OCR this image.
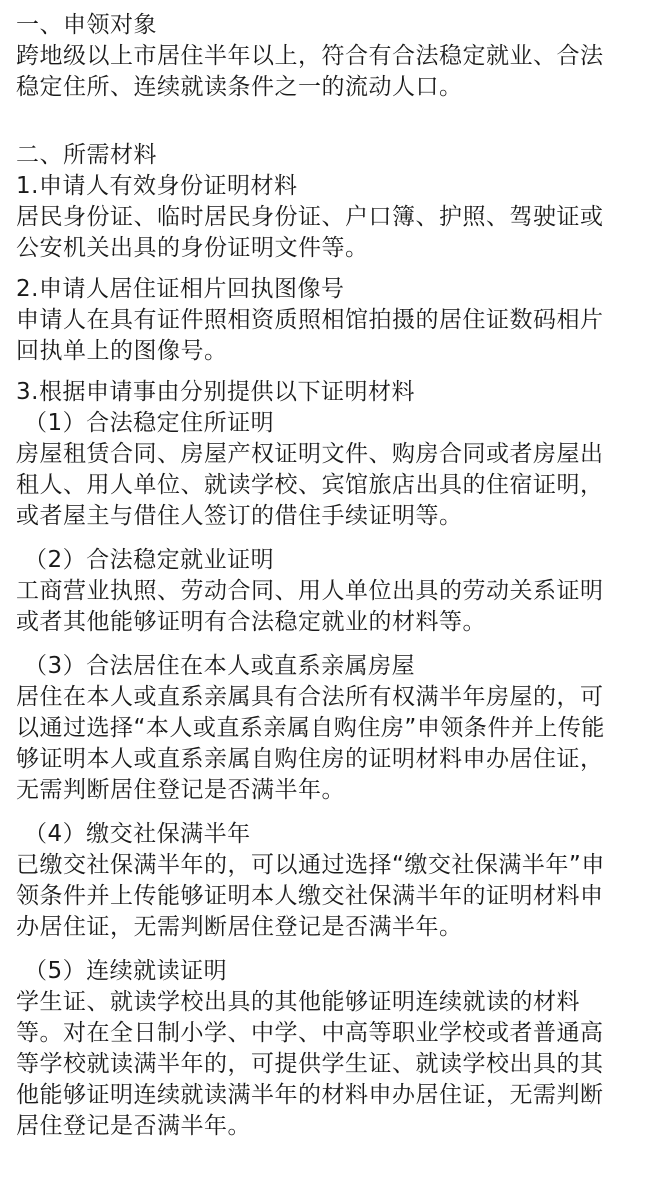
一、申领对象
跨地级以上市居住半年以上，符合有合法稳定就业、合法
稳定住所、连续就读条件之一的流动人口。
二、所需材料
1.申请人有效身份证明材料
居民身份证、临时居民身份证、户口簿、护照、驾驶证或
公安机关出具的身份证明文件等。
2.申请人居住证相片回执图像号
申请人在具有证件照相资质照相馆拍摄的居住证数码相片
回执单上的图像号。
3.根据申请事由分别提供以下证明材料
（1）合法稳定住所证明
房屋租赁合同、房屋产权证明文件、购房合同或者房屋出
租人、用人单位、就读学校、宾馆旅店出具的住宿证明，
或者屋主与借住人签订的借住手续证明等。
（2）合法稳定就业证明
工商营业执照、劳动合同、用人单位出具的劳动关系证明
或者其他能够证明有合法稳定就业的材料等。
（3）合法居住在本人或直系亲属房屋
居住在本人或直系亲属具有合法所有权满半年房屋的，可
以通过选择“本人或直系亲属自购住房”申领条件并上传能
够证明本人或直系亲属自购住房的证明材料申办居住证，
无需判断居住登记是否满半年。
（4）缴交社保满半年
已缴交社保满半年的，可以通过选择“缴交社保满半年”申
领条件并上传能够证明本人缴交社保满半年的证明材料申
办居住证，无需判断居住登记是否满半年。
（5）连续就读证明
学生证、就读学校出具的其他能够证明连续就读的材料
等。对在全日制小学、中学、中高等职业学校或者普通高
等学校就读满半年的，可提供学生证、就读学校出具的其
他能够证明连续就读满半年的材料申办居住证，无需判断
居住登记是否满半年。
